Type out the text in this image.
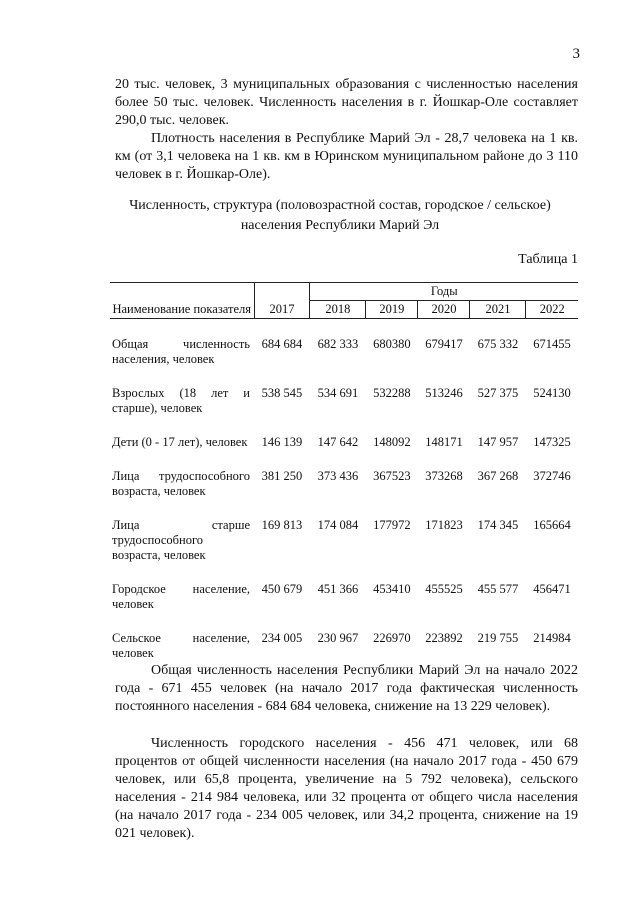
3

20 тыс. человек, 3 муниципальных образования с численностью населения более 50 тыс. человек. Численность населения в г. Йошкар-Оле составляет 290,0 тыс. человек.

Плотность населения в Республике Марий Эл - 28,7 человека на 1 кв. км (от 3,1 человека на 1 кв. км в Юринском муниципальном районе до 3 110 человек в г. Йошкар-Оле).

Численность, структура (половозрастной состав, городское / сельское) населения Республики Марий Эл

Таблица 1
Наименование показателя	2017	Годы				
		2018	2019	2020	2021	2022

Общая численность населения, человек	684 684	682 333	680380	679417	675 332	671455
Взрослых (18 лет и старше), человек	538 545	534 691	532288	513246	527 375	524130
Дети (0 - 17 лет), человек	146 139	147 642	148092	148171	147 957	147325
Лица трудоспособного возраста, человек	381 250	373 436	367523	373268	367 268	372746
Лица старше трудоспособного возраста, человек	169 813	174 084	177972	171823	174 345	165664
Городское население, человек	450 679	451 366	453410	455525	455 577	456471
Сельское население, человек	234 005	230 967	226970	223892	219 755	214984

Общая численность населения Республики Марий Эл на начало 2022 года - 671 455 человек (на начало 2017 года фактическая численность постоянного населения - 684 684 человека, снижение на 13 229 человек).

Численность городского населения - 456 471 человек, или 68 процентов от общей численности населения (на начало 2017 года - 450 679 человек, или 65,8 процента, увеличение на 5 792 человека), сельского населения - 214 984 человека, или 32 процента от общего числа населения (на начало 2017 года - 234 005 человек, или 34,2 процента, снижение на 19 021 человек).
